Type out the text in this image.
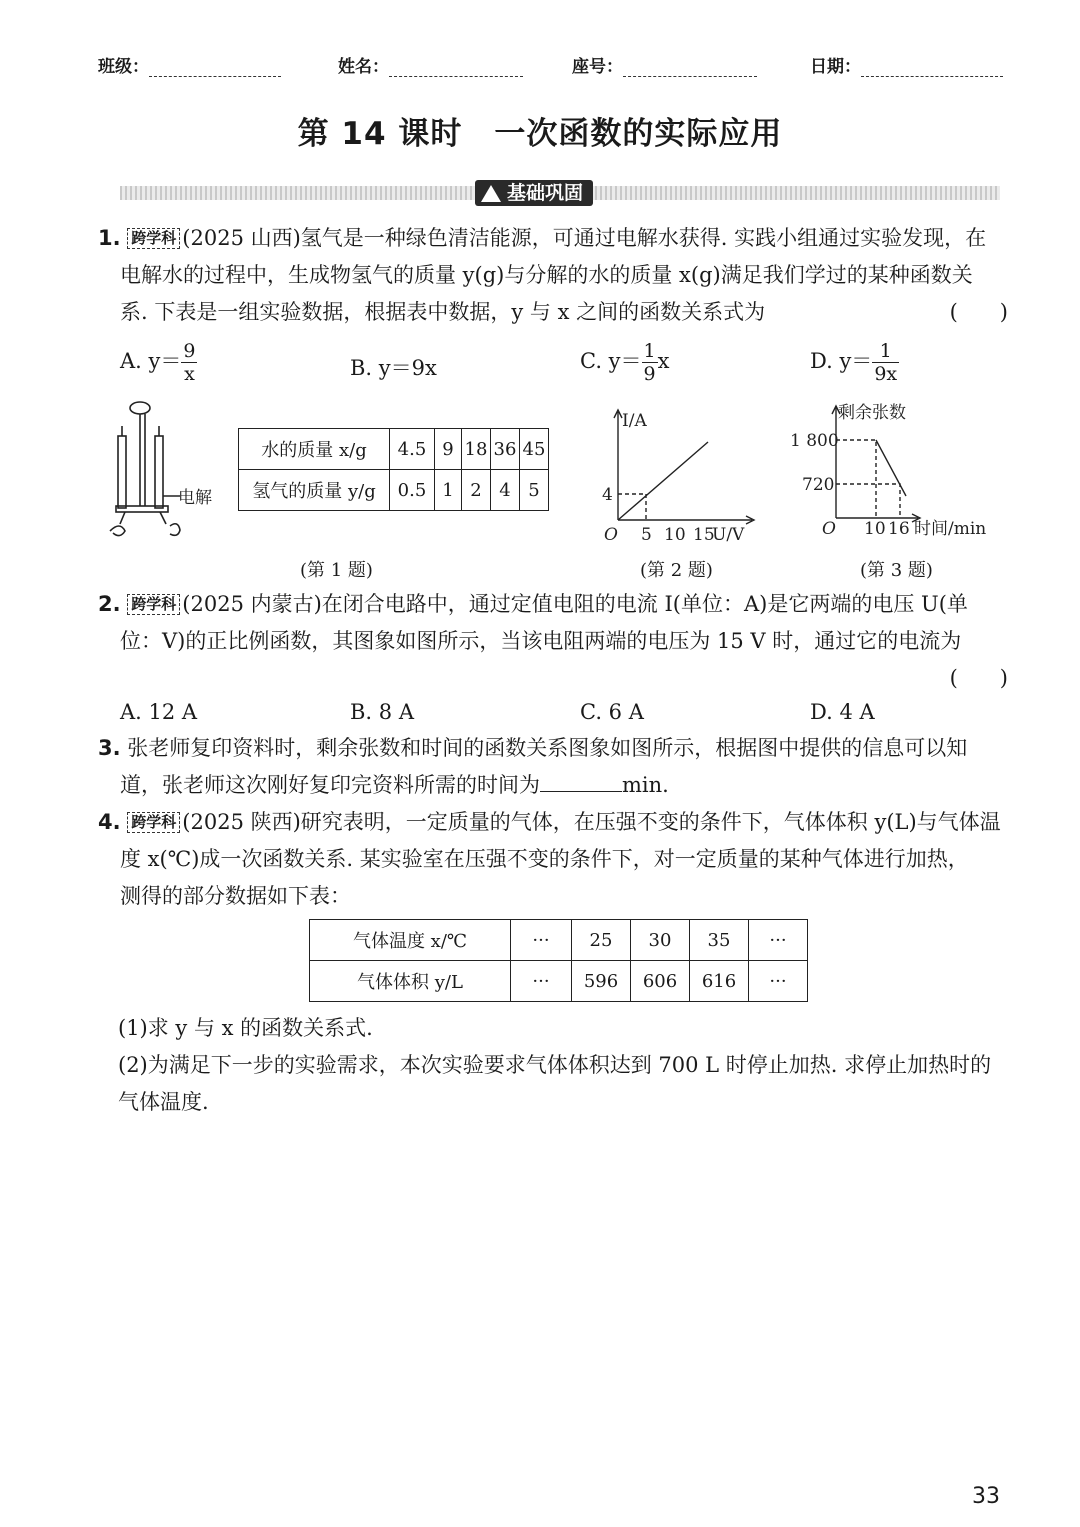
班级：	姓名：	座号：	日期：
第 14 课时　一次函数的实际应用
基础巩固
1. 跨学科 (2025 山西)氢气是一种绿色清洁能源，可通过电解水获得. 实践小组通过实验发现，在
电解水的过程中，生成物氢气的质量 y(g)与分解的水的质量 x(g)满足我们学过的某种函数关
系. 下表是一组实验数据，根据表中数据，y 与 x 之间的函数关系式为	(　　)
A. $y= \frac{9}{x}$	B. y＝9x	C. $y= \frac{1}{9}$ x	D. $y= \frac{1}{9x}$
电解
水的质量 x/g	4.5	9	18	36	45
氢气的质量 y/g	0.5	1	2	4	5
I/A
4
O 5 10 15
U/V
剩余张数
1 800
720
O 10 16 时间/min
(第 1 题)	(第 2 题)	(第 3 题)
2. 跨学科 (2025 内蒙古)在闭合电路中，通过定值电阻的电流 I(单位：A)是它两端的电压 U(单
位：V)的正比例函数，其图象如图所示，当该电阻两端的电压为 15 V 时，通过它的电流为
(　　)
A. 12 A	B. 8 A	C. 6 A	D. 4 A
3. 张老师复印资料时，剩余张数和时间的函数关系图象如图所示，根据图中提供的信息可以知
道，张老师这次刚好复印完资料所需的时间为	min.
4. 跨学科 (2025 陕西)研究表明，一定质量的气体，在压强不变的条件下，气体体积 y(L)与气体温
度 x(℃)成一次函数关系. 某实验室在压强不变的条件下，对一定质量的某种气体进行加热，
测得的部分数据如下表：
气体温度 x/℃	···	25	30	35	···
气体体积 y/L	···	596	606	616	···
(1)求 y 与 x 的函数关系式.
(2)为满足下一步的实验需求，本次实验要求气体体积达到 700 L 时停止加热. 求停止加热时的
气体温度.
33
